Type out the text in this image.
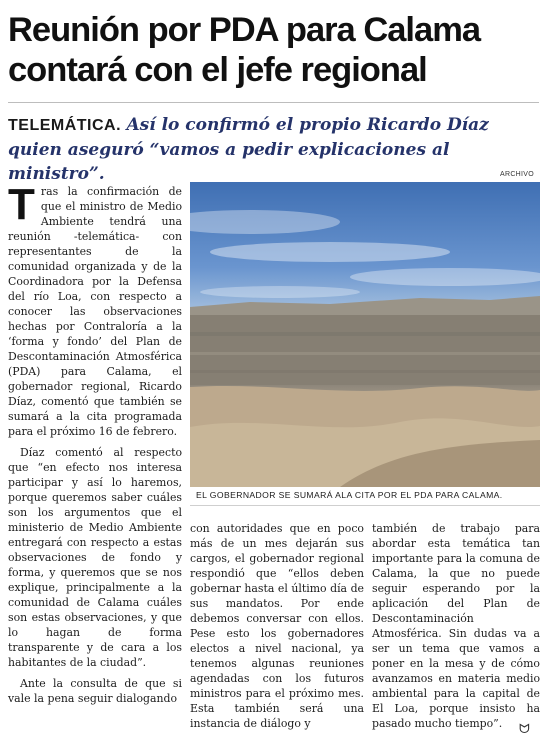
Reunión por PDA para Calama contará con el jefe regional
TELEMÁTICA. Así lo confirmó el propio Ricardo Díaz quien aseguró “vamos a pedir explicaciones al ministro”.

Tras la confirmación de que el ministro de Medio Ambiente tendrá una reunión -telemática- con representantes de la comunidad organizada y de la Coordinadora por la Defensa del río Loa, con respecto a conocer las observaciones hechas por Contraloría a la ‘forma y fondo’ del Plan de Descontaminación Atmosférica (PDA) para Calama, el gobernador regional, Ricardo Díaz, comentó que también se sumará a la cita programada para el próximo 16 de febrero.

Díaz comentó al respecto que “en efecto nos interesa participar y así lo haremos, porque queremos saber cuáles son los argumentos que el ministerio de Medio Ambiente entregará con respecto a estas observaciones de fondo y forma, y queremos que se nos explique, principalmente a la comunidad de Calama cuáles son estas observaciones, y que lo hagan de forma transparente y de cara a los habitantes de la ciudad”.

Ante la consulta de que si vale la pena seguir dialogando

ARCHIVO
EL GOBERNADOR SE SUMARÁ ALA CITA POR EL PDA PARA CALAMA.

con autoridades que en poco más de un mes dejarán sus cargos, el gobernador regional respondió que “ellos deben gobernar hasta el último día de sus mandatos. Por ende debemos conversar con ellos. Pese esto los gobernadores electos a nivel nacional, ya tenemos algunas reuniones agendadas con los futuros ministros para el próximo mes. Esta también será una instancia de diálogo y

también de trabajo para abordar esta temática tan importante para la comuna de Calama, la que no puede seguir esperando por la aplicación del Plan de Descontaminación Atmosférica. Sin dudas va a ser un tema que vamos a poner en la mesa y de cómo avanzamos en materia medio ambiental para la capital de El Loa, porque insisto ha pasado mucho tiempo”.	ᗢ
